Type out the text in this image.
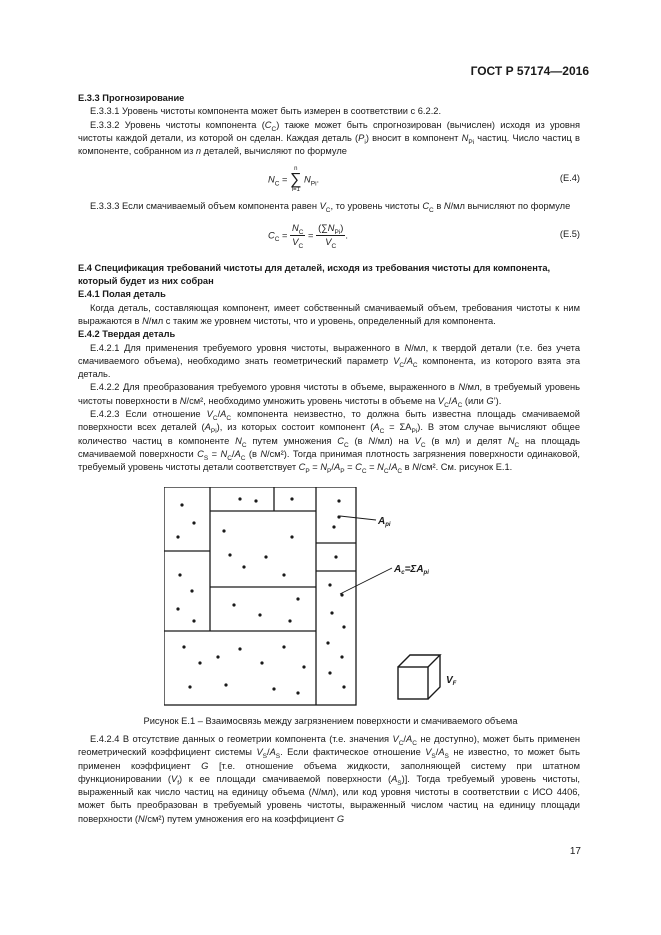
ГОСТ Р 57174—2016

Е.3.3 Прогнозирование

Е.3.3.1 Уровень чистоты компонента может быть измерен в соответствии с 6.2.2.

Е.3.3.2 Уровень чистоты компонента $(C_C)$ также может быть спрогнозирован (вычислен) исходя из уровня чистоты каждой детали, из которой он сделан. Каждая деталь $(P_i)$ вносит в компонент $N_{Pi}$ частиц. Число частиц в компоненте, собранном из n деталей, вычисляют по формуле

$N_C$ =
n
∑
i=1
$N_{Pi}$.	(Е.4)

Е.3.3.3 Если смачиваемый объем компонента равен $V_C$, то уровень чистоты $C_C$ в N/мл вычисляют по формуле

$C_C = \frac{N_C}{V_C} = \frac{(\sum N_{Pi})}{V_C}$ .	(Е.5)

Е.4 Спецификация требований чистоты для деталей, исходя из требования чистоты для компонента, который будет из них собран

Е.4.1 Полая деталь

Когда деталь, составляющая компонент, имеет собственный смачиваемый объем, требования чистоты к ним выражаются в N/мл с таким же уровнем чистоты, что и уровень, определенный для компонента.

Е.4.2 Твердая деталь

Е.4.2.1 Для применения требуемого уровня чистоты, выраженного в N/мл, к твердой детали (т.е. без учета смачиваемого объема), необходимо знать геометрический параметр $V_C/A_C$ компонента, из которого взята эта деталь.

Е.4.2.2 Для преобразования требуемого уровня чистоты в объеме, выраженного в N/мл, в требуемый уровень чистоты поверхности в N/см², необходимо умножить уровень чистоты в объеме на $V_C/A_C$ (или G’).

Е.4.2.3 Если отношение $V_C/A_C$ компонента неизвестно, то должна быть известна площадь смачиваемой поверхности всех деталей $(A_{Pi})$, из которых состоит компонент $(A_C = \Sigma A_{Pi})$. В этом случае вычисляют общее количество частиц в компоненте $N_C$ путем умножения $C_C$ (в N/мл) на $V_C$ (в мл) и делят $N_C$ на площадь смачиваемой поверхности $C_S = N_C/A_C$ (в N/см²). Тогда принимая плотность загрязнения поверхности одинаковой, требуемый уровень чистоты детали соответствует $C_P = N_P/A_P = C_C = N_C/A_C$ в N/см². См. рисунок Е.1.

$A_{pi}$
$A_c=\Sigma A_{pi}$
$V_F$
Рисунок Е.1 – Взаимосвязь между загрязнением поверхности и смачиваемого объема

Е.4.2.4 В отсутствие данных о геометрии компонента (т.е. значения $V_C/A_C$ не доступно), может быть применен геометрический коэффициент системы $V_S/A_S$. Если фактическое отношение $V_S/A_S$ не известно, то может быть применен коэффициент G [т.е. отношение объема жидкости, заполняющей систему при штатном функционировании $(V_f)$ к ее площади смачиваемой поверхности $(A_S)$]. Тогда требуемый уровень чистоты, выраженный как число частиц на единицу объема (N/мл), или код уровня чистоты в соответствии с ИСО 4406, может быть преобразован в требуемый уровень чистоты, выраженный числом частиц на единицу площади поверхности (N/см²) путем умножения его на коэффициент G

17
